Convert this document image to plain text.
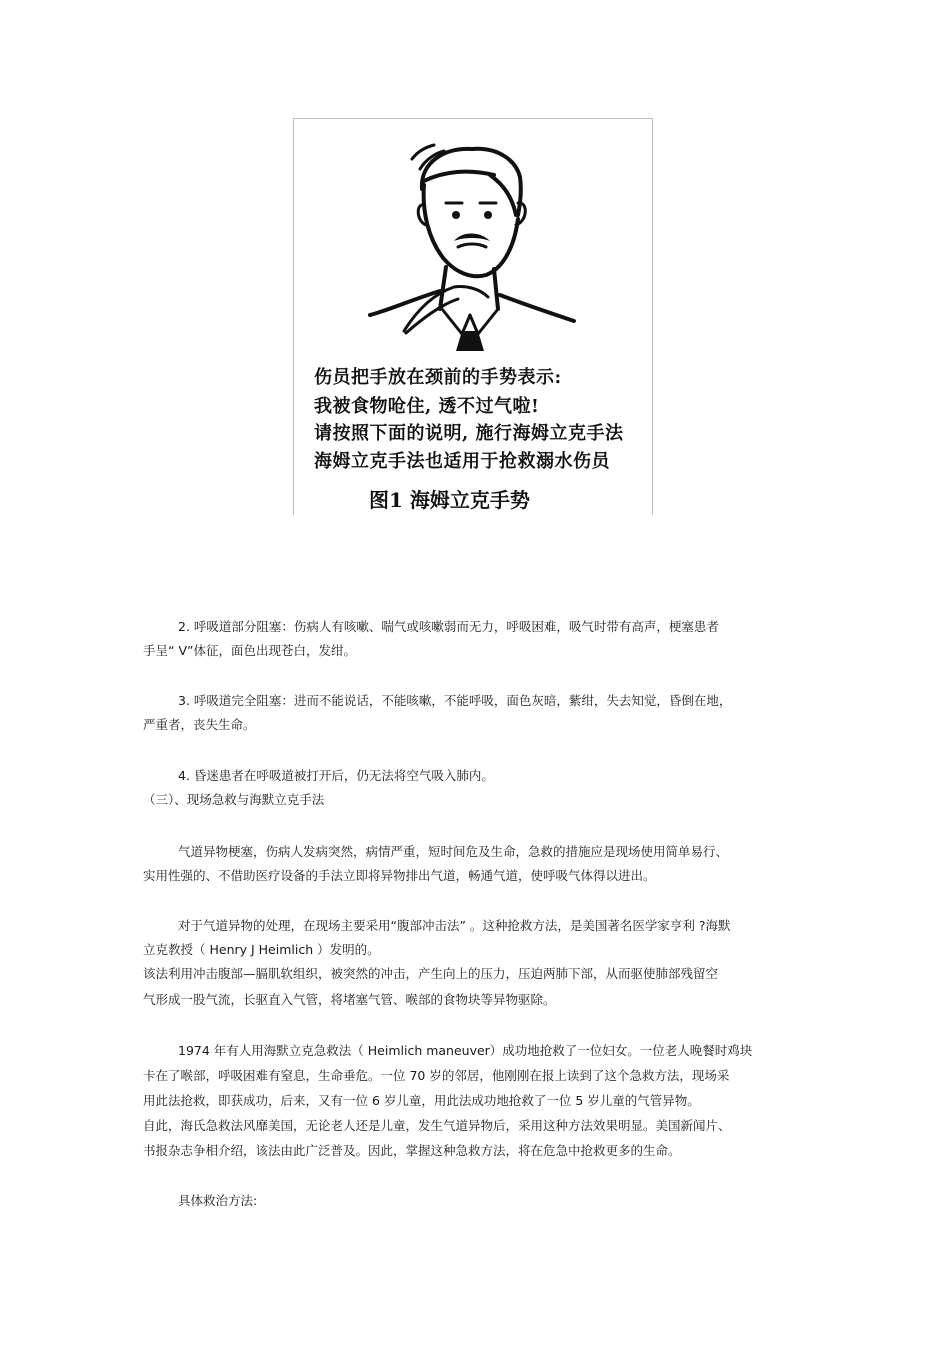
伤员把手放在颈前的手势表示:
我被食物呛住, 透不过气啦!
请按照下面的说明, 施行海姆立克手法
海姆立克手法也适用于抢救溺水伤员
图1 海姆立克手势
2. 呼吸道部分阻塞：伤病人有咳嗽、喘气或咳嗽弱而无力，呼吸困难，吸气时带有高声，梗塞患者
手呈“ V”体征，面色出现苍白，发绀。
3. 呼吸道完全阻塞：进而不能说话，不能咳嗽，不能呼吸，面色灰暗，紫绀，失去知觉，昏倒在地，
严重者，丧失生命。
4. 昏迷患者在呼吸道被打开后，仍无法将空气吸入肺内。
（三）、现场急救与海默立克手法
气道异物梗塞，伤病人发病突然，病情严重，短时间危及生命，急救的措施应是现场使用简单易行、
实用性强的、不借助医疗设备的手法立即将异物排出气道，畅通气道，使呼吸气体得以进出。
对于气道异物的处理，在现场主要采用“腹部冲击法” 。这种抢救方法，是美国著名医学家亨利 ?海默
立克教授（ Henry J Heimlich ）发明的。
该法利用冲击腹部—膈肌软组织，被突然的冲击，产生向上的压力，压迫两肺下部，从而驱使肺部残留空
气形成一股气流，长驱直入气管，将堵塞气管、喉部的食物块等异物驱除。
1974 年有人用海默立克急救法（ Heimlich maneuver）成功地抢救了一位妇女。一位老人晚餐时鸡块
卡在了喉部，呼吸困难有窒息，生命垂危。一位 70 岁的邻居，他刚刚在报上读到了这个急救方法，现场采
用此法抢救，即获成功，后来，又有一位 6 岁儿童，用此法成功地抢救了一位 5 岁儿童的气管异物。
自此，海氏急救法风靡美国，无论老人还是儿童，发生气道异物后，采用这种方法效果明显。美国新闻片、
书报杂志争相介绍，该法由此广泛普及。因此，掌握这种急救方法，将在危急中抢救更多的生命。
具体救治方法:
